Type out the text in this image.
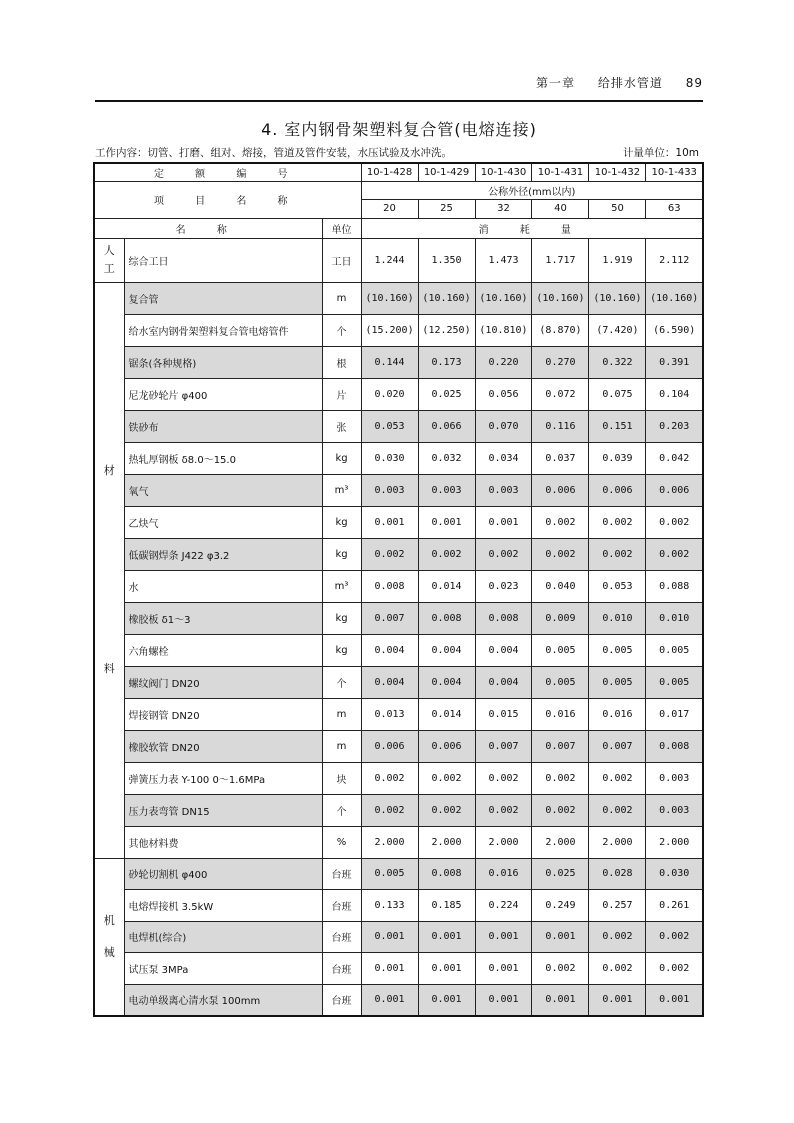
第一章 给排水管道 89
4. 室内钢骨架塑料复合管(电熔连接)
工作内容：切管、打磨、组对、熔接，管道及管件安装，水压试验及水冲洗。	计量单位：10m
定 额 编 号			10-1-428	10-1-429	10-1-430	10-1-431	10-1-432	10-1-433
项 目 名 称			公称外径(mm以内)					
			20	25	32	40	50	63
名 称		单位	消 耗 量					

人
工	综合工日	工日	1.244	1.350	1.473	1.717	1.919	2.112

材
料	复合管	m	(10.160)	(10.160)	(10.160)	(10.160)	(10.160)	(10.160)
	给水室内钢骨架塑料复合管电熔管件	个	(15.200)	(12.250)	(10.810)	(8.870)	(7.420)	(6.590)
	锯条(各种规格)	根	0.144	0.173	0.220	0.270	0.322	0.391
	尼龙砂轮片 φ400	片	0.020	0.025	0.056	0.072	0.075	0.104
	铁砂布	张	0.053	0.066	0.070	0.116	0.151	0.203
	热轧厚钢板 δ8.0～15.0	kg	0.030	0.032	0.034	0.037	0.039	0.042
	氧气	m³	0.003	0.003	0.003	0.006	0.006	0.006
	乙炔气	kg	0.001	0.001	0.001	0.002	0.002	0.002
	低碳钢焊条 J422 φ3.2	kg	0.002	0.002	0.002	0.002	0.002	0.002
	水	m³	0.008	0.014	0.023	0.040	0.053	0.088
	橡胶板 δ1～3	kg	0.007	0.008	0.008	0.009	0.010	0.010
	六角螺栓	kg	0.004	0.004	0.004	0.005	0.005	0.005
	螺纹阀门 DN20	个	0.004	0.004	0.004	0.005	0.005	0.005
	焊接钢管 DN20	m	0.013	0.014	0.015	0.016	0.016	0.017
	橡胶软管 DN20	m	0.006	0.006	0.007	0.007	0.007	0.008
	弹簧压力表 Y-100 0～1.6MPa	块	0.002	0.002	0.002	0.002	0.002	0.003
	压力表弯管 DN15	个	0.002	0.002	0.002	0.002	0.002	0.003
	其他材料费	%	2.000	2.000	2.000	2.000	2.000	2.000

机
械	砂轮切割机 φ400	台班	0.005	0.008	0.016	0.025	0.028	0.030
	电熔焊接机 3.5kW	台班	0.133	0.185	0.224	0.249	0.257	0.261
	电焊机(综合)	台班	0.001	0.001	0.001	0.001	0.002	0.002
	试压泵 3MPa	台班	0.001	0.001	0.001	0.002	0.002	0.002
	电动单级离心清水泵 100mm	台班	0.001	0.001	0.001	0.001	0.001	0.001
